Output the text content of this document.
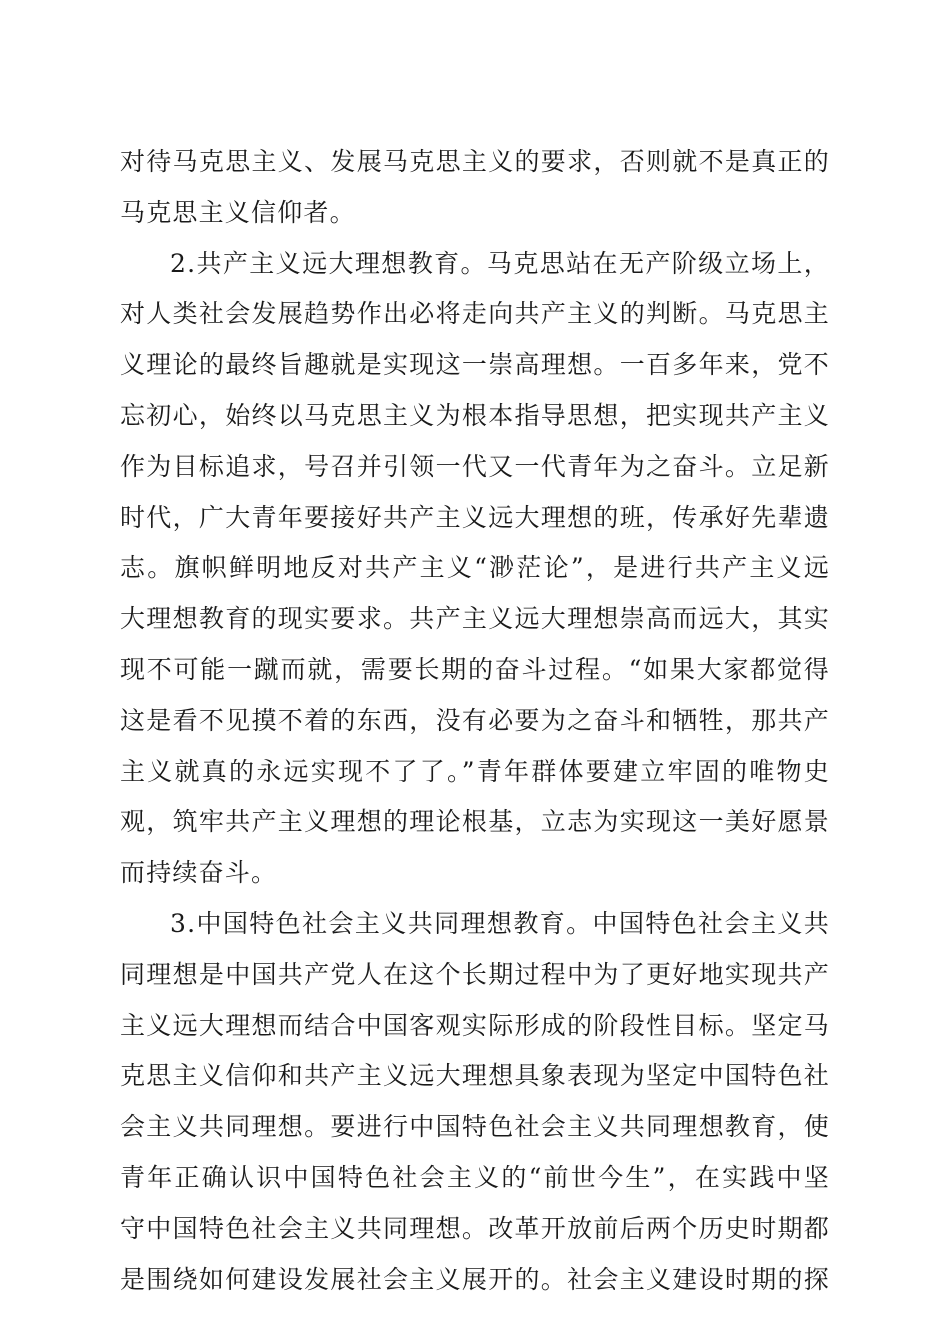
对待马克思主义、发展马克思主义的要求，否则就不是真正的
马克思主义信仰者。
2.共产主义远大理想教育。马克思站在无产阶级立场上，
对人类社会发展趋势作出必将走向共产主义的判断。马克思主
义理论的最终旨趣就是实现这一崇高理想。一百多年来，党不
忘初心，始终以马克思主义为根本指导思想，把实现共产主义
作为目标追求，号召并引领一代又一代青年为之奋斗。立足新
时代，广大青年要接好共产主义远大理想的班，传承好先辈遗
志。旗帜鲜明地反对共产主义“渺茫论”，是进行共产主义远
大理想教育的现实要求。共产主义远大理想崇高而远大，其实
现不可能一蹴而就，需要长期的奋斗过程。“如果大家都觉得
这是看不见摸不着的东西，没有必要为之奋斗和牺牲，那共产
主义就真的永远实现不了了。”青年群体要建立牢固的唯物史
观，筑牢共产主义理想的理论根基，立志为实现这一美好愿景
而持续奋斗。
3.中国特色社会主义共同理想教育。中国特色社会主义共
同理想是中国共产党人在这个长期过程中为了更好地实现共产
主义远大理想而结合中国客观实际形成的阶段性目标。坚定马
克思主义信仰和共产主义远大理想具象表现为坚定中国特色社
会主义共同理想。要进行中国特色社会主义共同理想教育，使
青年正确认识中国特色社会主义的“前世今生”，在实践中坚
守中国特色社会主义共同理想。改革开放前后两个历史时期都
是围绕如何建设发展社会主义展开的。社会主义建设时期的探
